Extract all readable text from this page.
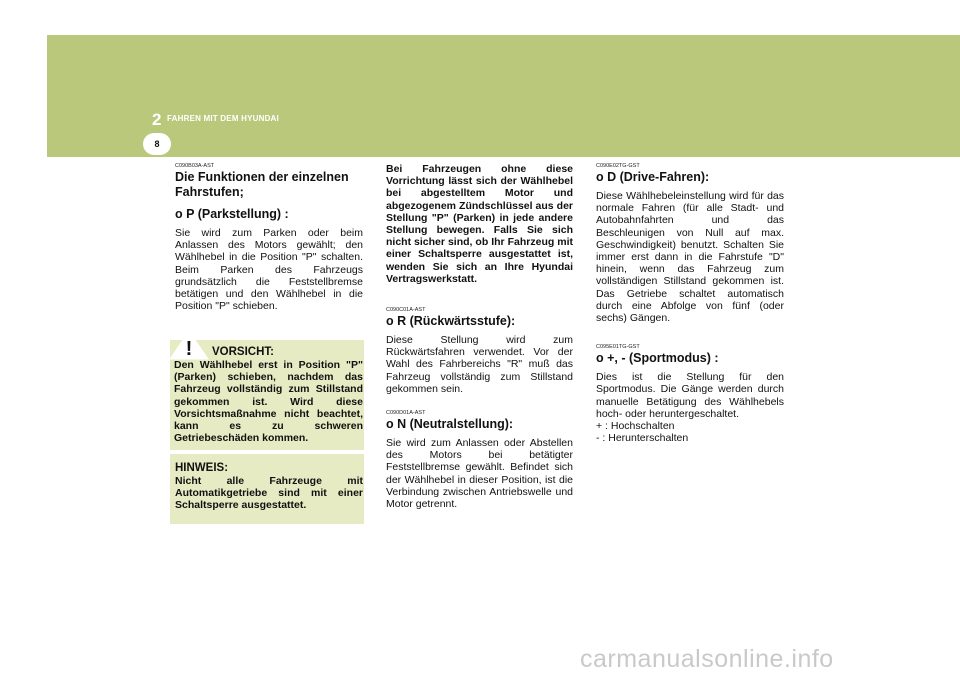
2 FAHREN MIT DEM HYUNDAI
8

C090B03A-AST

Die Funktionen der einzelnen Fahrstufen;

o P (Parkstellung) :

Sie wird zum Parken oder beim Anlassen des Motors gewählt; den Wählhebel in die Position "P" schalten. Beim Parken des Fahrzeugs grundsätzlich die Feststellbremse betätigen und den Wählhebel in die Position "P" schieben.

! VORSICHT:
Den Wählhebel erst in Position "P" (Parken) schieben, nachdem das Fahrzeug vollständig zum Stillstand gekommen ist. Wird diese Vorsichtsmaßnahme nicht beachtet, kann es zu schweren Getriebeschäden kommen.
HINWEIS:
Nicht alle Fahrzeuge mit Automatikgetriebe sind mit einer Schaltsperre ausgestattet.

Bei Fahrzeugen ohne diese Vorrichtung lässt sich der Wählhebel bei abgestelltem Motor und abgezogenem Zündschlüssel aus der Stellung "P" (Parken) in jede andere Stellung bewegen. Falls Sie sich nicht sicher sind, ob Ihr Fahrzeug mit einer Schaltsperre ausgestattet ist, wenden Sie sich an Ihre Hyundai Vertragswerkstatt.

C090C01A-AST

o R (Rückwärtsstufe):

Diese Stellung wird zum Rückwärtsfahren verwendet. Vor der Wahl des Fahrbereichs "R" muß das Fahrzeug vollständig zum Stillstand gekommen sein.

C090D01A-AST

o N (Neutralstellung):

Sie wird zum Anlassen oder Abstellen des Motors bei betätigter Feststellbremse gewählt. Befindet sich der Wählhebel in dieser Position, ist die Verbindung zwischen Antriebswelle und Motor getrennt.

C090E02TG-GST

o D (Drive-Fahren):

Diese Wählhebeleinstellung wird für das normale Fahren (für alle Stadt- und Autobahnfahrten und das Beschleunigen von Null auf max. Geschwindigkeit) benutzt. Schalten Sie immer erst dann in die Fahrstufe "D" hinein, wenn das Fahrzeug zum vollständigen Stillstand gekommen ist. Das Getriebe schaltet automatisch durch eine Abfolge von fünf (oder sechs) Gängen.

C095E01TG-GST

o +, - (Sportmodus) :

Dies ist die Stellung für den Sportmodus. Die Gänge werden durch manuelle Betätigung des Wählhebels hoch- oder heruntergeschaltet.

+ : Hochschalten

- : Herunterschalten

carmanualsonline.info
